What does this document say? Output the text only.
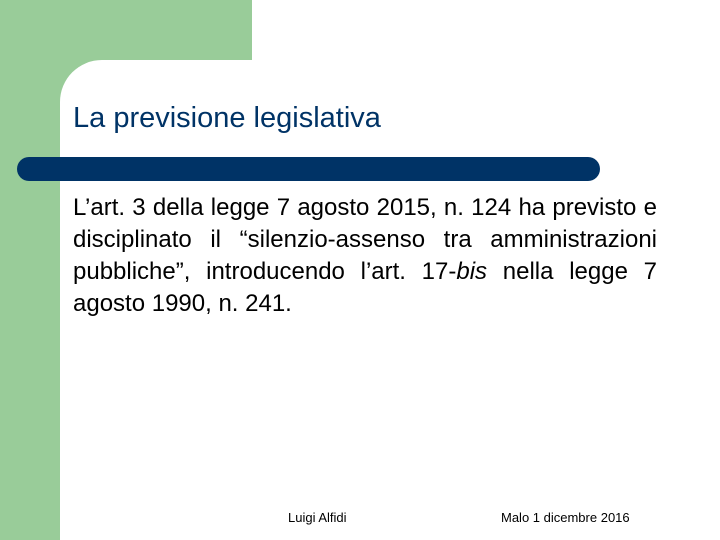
La previsione legislativa

L’art. 3 della legge 7 agosto 2015, n. 124 ha previsto e disciplinato il “silenzio-assenso tra amministrazioni pubbliche”, introducendo l’art. 17-bis nella legge 7 agosto 1990, n. 241.

Luigi Alfidi	Malo 1 dicembre 2016
